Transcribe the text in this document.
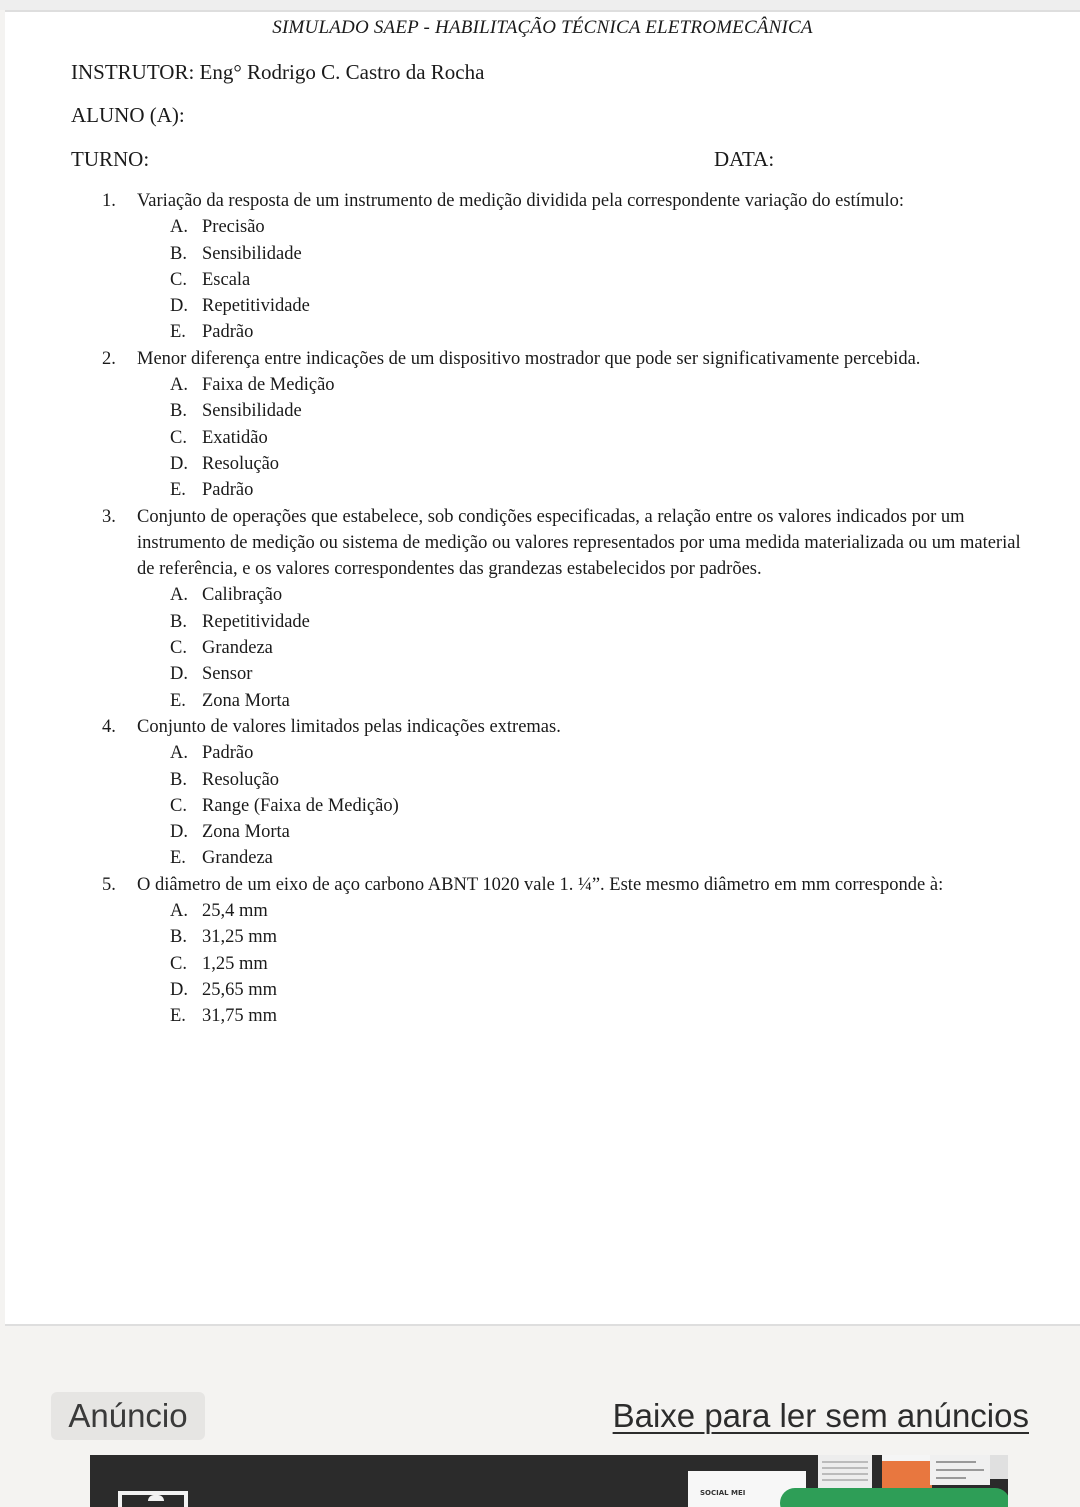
SIMULADO SAEP - HABILITAÇÃO TÉCNICA ELETROMECÂNICA
INSTRUTOR: Eng° Rodrigo C. Castro da Rocha
ALUNO (A):
TURNO:	DATA:
1. Variação da resposta de um instrumento de medição dividida pela correspondente variação do estímulo:
A. Precisão
B. Sensibilidade
C. Escala
D. Repetitividade
E. Padrão
2. Menor diferença entre indicações de um dispositivo mostrador que pode ser significativamente percebida.
A. Faixa de Medição
B. Sensibilidade
C. Exatidão
D. Resolução
E. Padrão
3. Conjunto de operações que estabelece, sob condições especificadas, a relação entre os valores indicados por um instrumento de medição ou sistema de medição ou valores representados por uma medida materializada ou um material de referência, e os valores correspondentes das grandezas estabelecidos por padrões.
A. Calibração
B. Repetitividade
C. Grandeza
D. Sensor
E. Zona Morta
4. Conjunto de valores limitados pelas indicações extremas.
A. Padrão
B. Resolução
C. Range (Faixa de Medição)
D. Zona Morta
E. Grandeza
5. O diâmetro de um eixo de aço carbono ABNT 1020 vale 1. ¼”. Este mesmo diâmetro em mm corresponde à:
A. 25,4 mm
B. 31,25 mm
C. 1,25 mm
D. 25,65 mm
E. 31,75 mm
Anúncio	Baixe para ler sem anúncios
SOCIAL MEI
